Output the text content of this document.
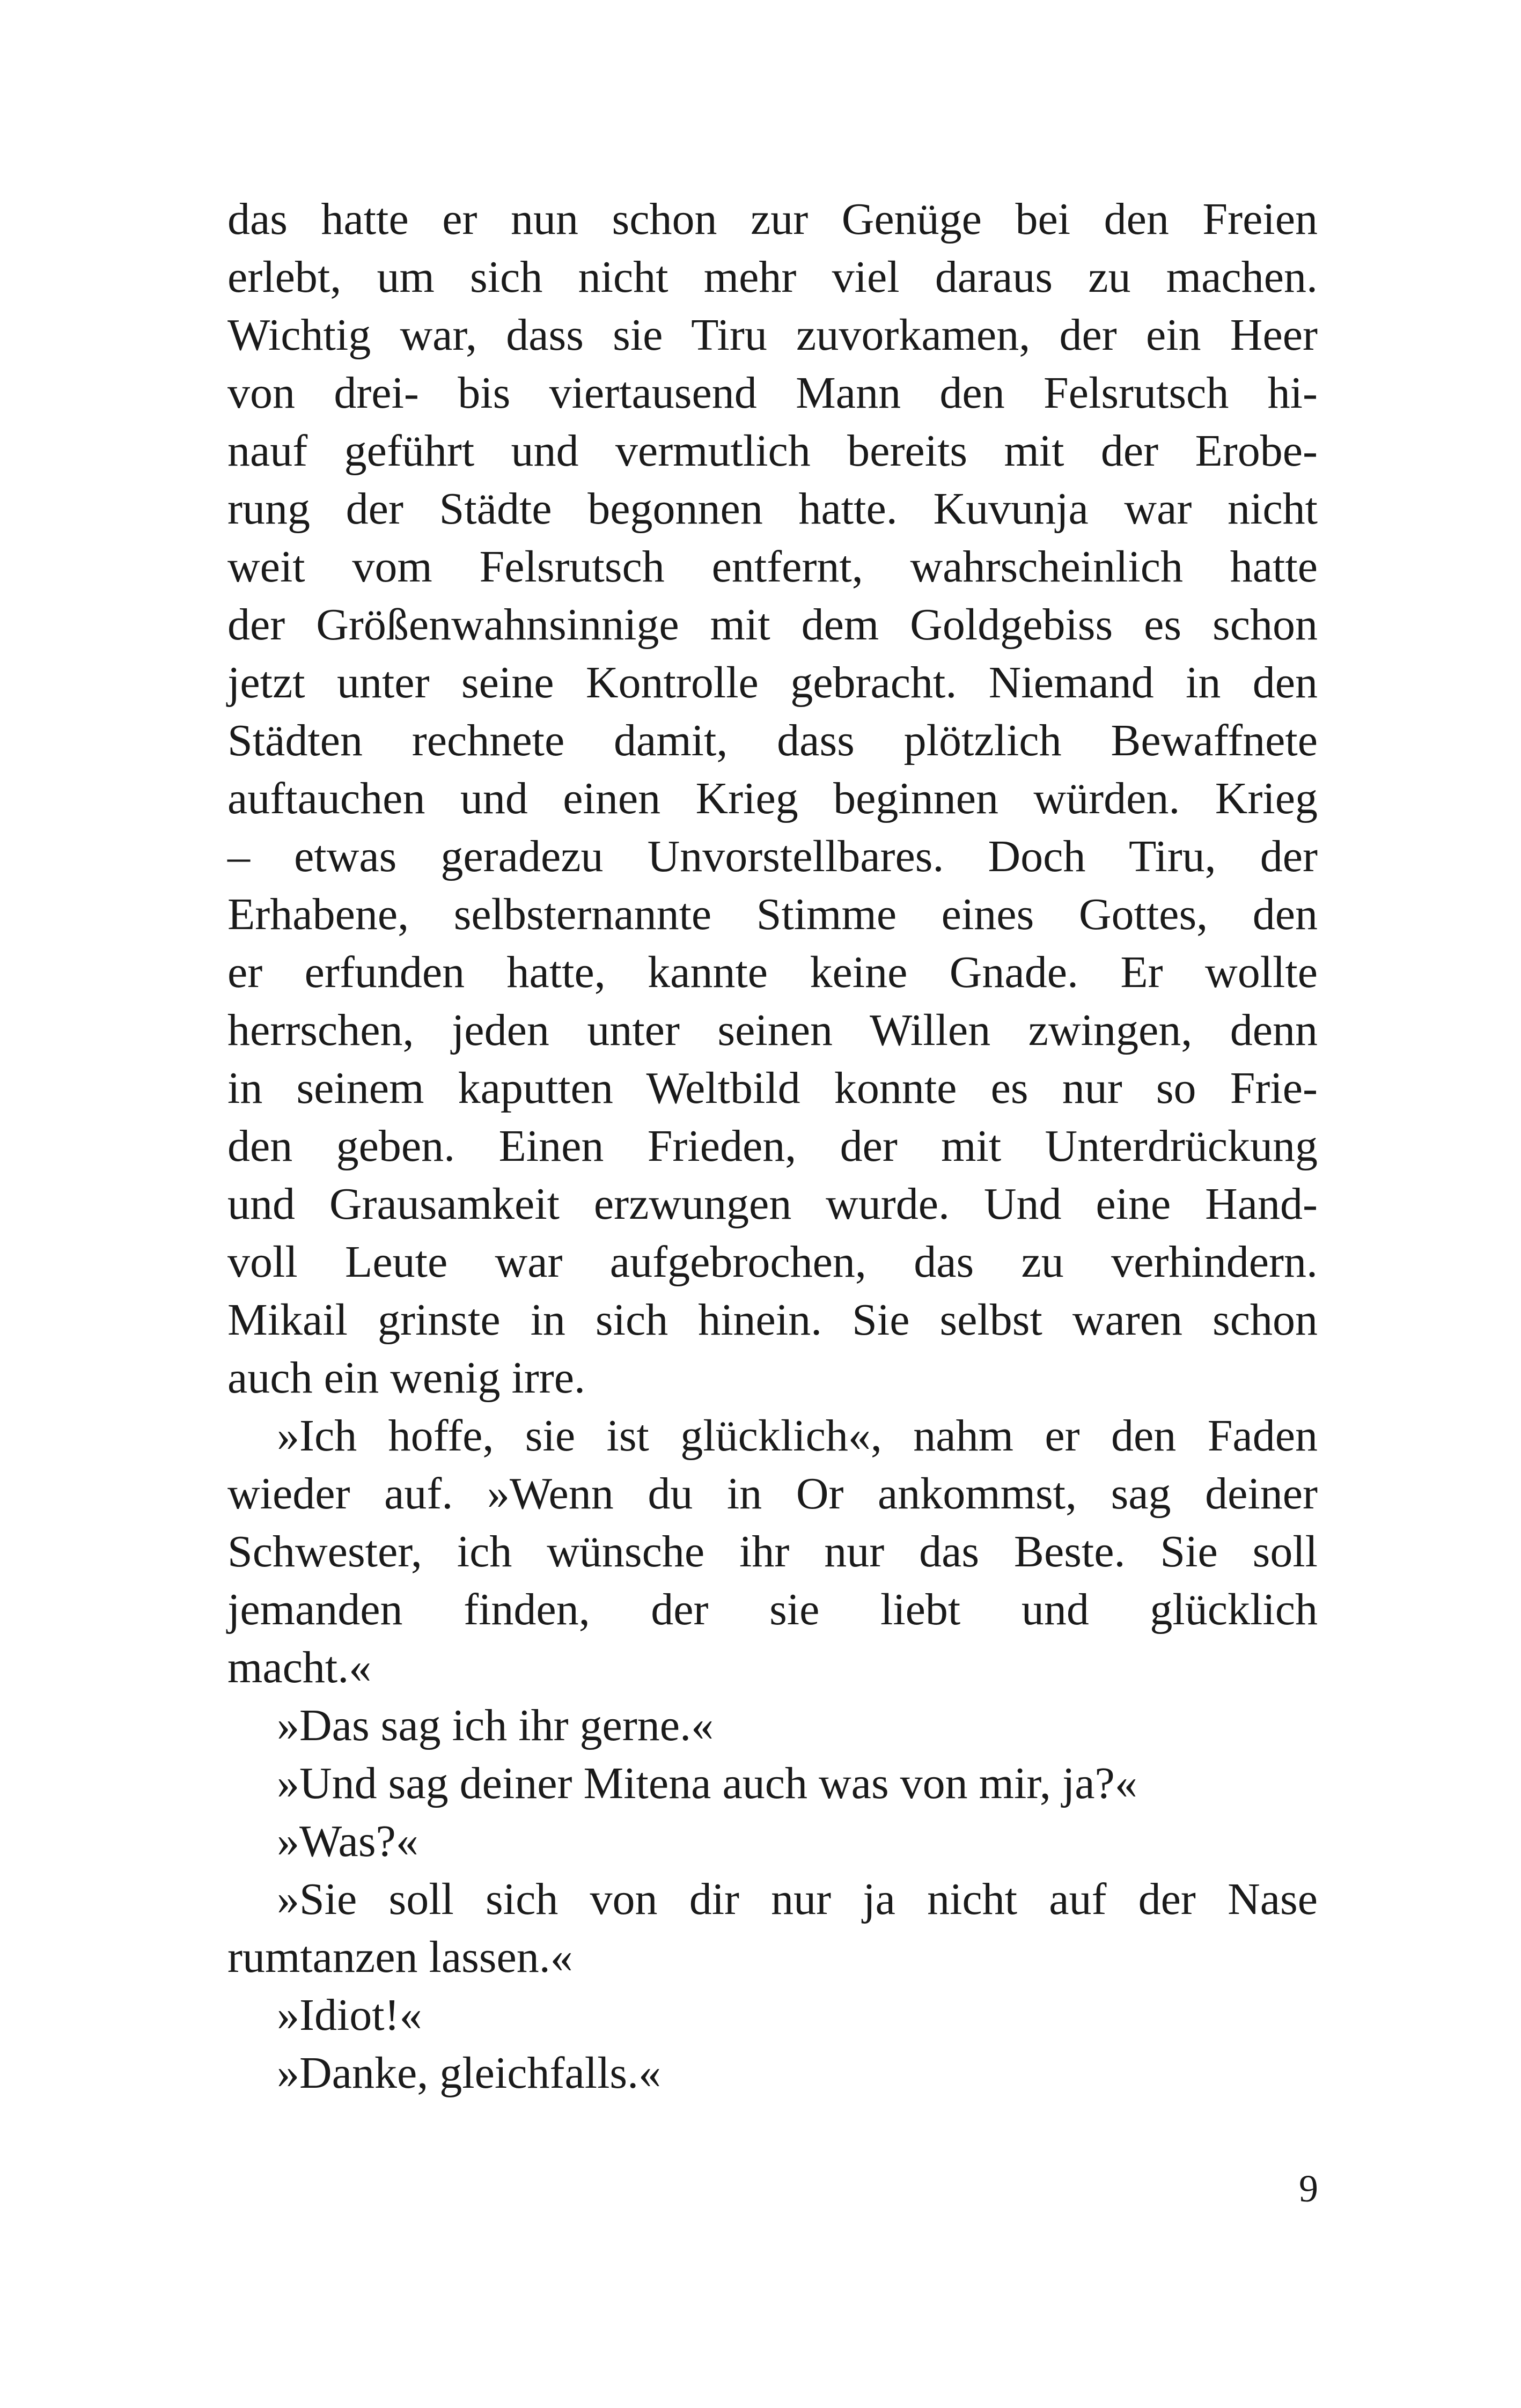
das hatte er nun schon zur Genüge bei den Freien
erlebt, um sich nicht mehr viel daraus zu machen.
Wichtig war, dass sie Tiru zuvorkamen, der ein Heer
von drei- bis viertausend Mann den Felsrutsch hi-
nauf geführt und vermutlich bereits mit der Erobe-
rung der Städte begonnen hatte. Kuvunja war nicht
weit vom Felsrutsch entfernt, wahrscheinlich hatte
der Größenwahnsinnige mit dem Goldgebiss es schon
jetzt unter seine Kontrolle gebracht. Niemand in den
Städten rechnete damit, dass plötzlich Bewaffnete
auftauchen und einen Krieg beginnen würden. Krieg
– etwas geradezu Unvorstellbares. Doch Tiru, der
Erhabene, selbsternannte Stimme eines Gottes, den
er erfunden hatte, kannte keine Gnade. Er wollte
herrschen, jeden unter seinen Willen zwingen, denn
in seinem kaputten Weltbild konnte es nur so Frie-
den geben. Einen Frieden, der mit Unterdrückung
und Grausamkeit erzwungen wurde. Und eine Hand-
voll Leute war aufgebrochen, das zu verhindern.
Mikail grinste in sich hinein. Sie selbst waren schon
auch ein wenig irre.
»Ich hoffe, sie ist glücklich«, nahm er den Faden
wieder auf. »Wenn du in Or ankommst, sag deiner
Schwester, ich wünsche ihr nur das Beste. Sie soll
jemanden finden, der sie liebt und glücklich
macht.«
»Das sag ich ihr gerne.«
»Und sag deiner Mitena auch was von mir, ja?«
»Was?«
»Sie soll sich von dir nur ja nicht auf der Nase
rumtanzen lassen.«
»Idiot!«
»Danke, gleichfalls.«
9
